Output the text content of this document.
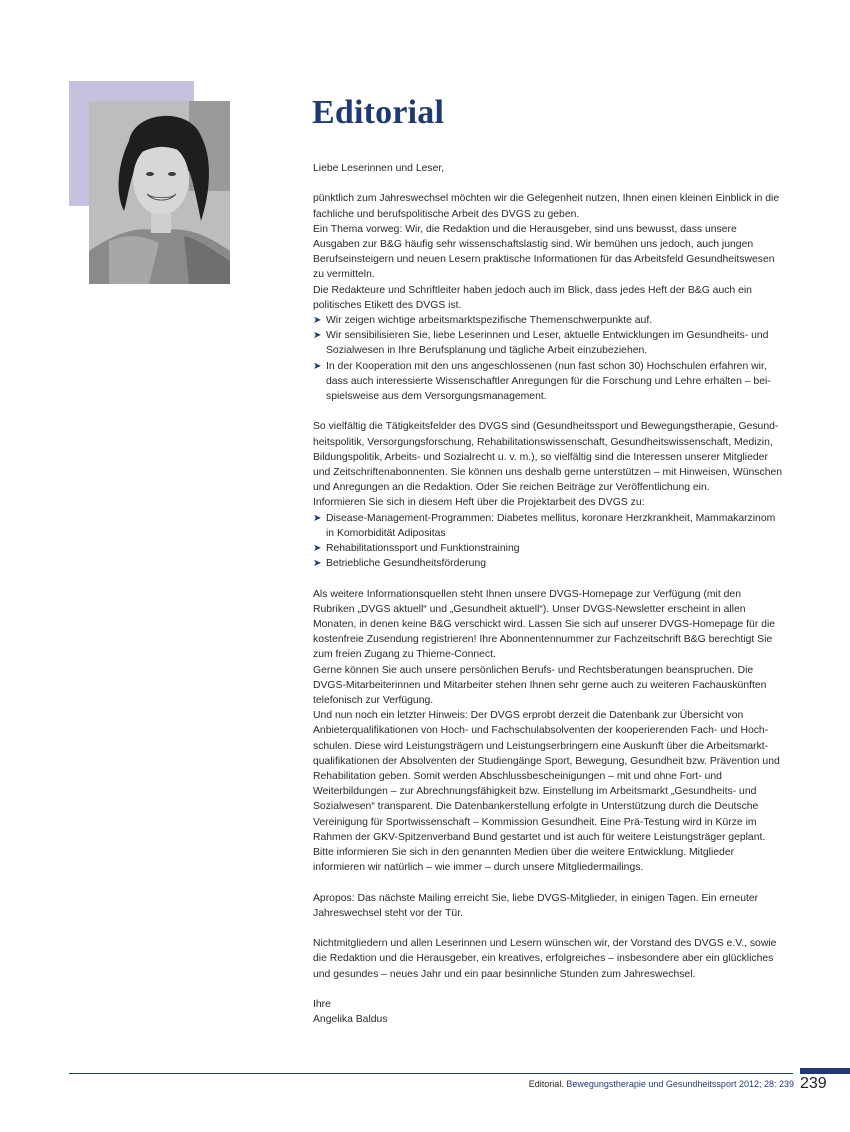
Editorial

Liebe Leserinnen und Leser,

pünktlich zum Jahreswechsel möchten wir die Gelegenheit nutzen, Ihnen einen kleinen Einblick in die fachliche und berufspolitische Arbeit des DVGS zu geben.

Ein Thema vorweg: Wir, die Redaktion und die Herausgeber, sind uns bewusst, dass unsere Ausgaben zur B&G häufig sehr wissenschaftslastig sind. Wir bemühen uns jedoch, auch jungen Berufseinsteigern und neuen Lesern praktische Informationen für das Arbeitsfeld Gesundheitswesen zu vermitteln.

Die Redakteure und Schriftleiter haben jedoch auch im Blick, dass jedes Heft der B&G auch ein politisches Etikett des DVGS ist.

➤ Wir zeigen wichtige arbeitsmarktspezifische Themenschwerpunkte auf.

➤ Wir sensibilisieren Sie, liebe Leserinnen und Leser, aktuelle Entwicklungen im Gesundheits- und Sozialwesen in Ihre Berufsplanung und tägliche Arbeit einzubeziehen.

➤ In der Kooperation mit den uns angeschlossenen (nun fast schon 30) Hochschulen erfahren wir, dass auch interessierte Wissenschaftler Anregungen für die Forschung und Lehre erhalten – beispielsweise aus dem Versorgungsmanagement.

So vielfältig die Tätigkeitsfelder des DVGS sind (Gesundheitssport und Bewegungstherapie, Gesundheitspolitik, Versorgungsforschung, Rehabilitationswissenschaft, Gesundheitswissenschaft, Medizin, Bildungspolitik, Arbeits- und Sozialrecht u. v. m.), so vielfältig sind die Interessen unserer Mitglieder und Zeitschriftenabonnenten. Sie können uns deshalb gerne unterstützen – mit Hinweisen, Wünschen und Anregungen an die Redaktion. Oder Sie reichen Beiträge zur Veröffentlichung ein.

Informieren Sie sich in diesem Heft über die Projektarbeit des DVGS zu:

➤ Disease-Management-Programmen: Diabetes mellitus, koronare Herzkrankheit, Mammakarzinom in Komorbidität Adipositas

➤ Rehabilitationssport und Funktionstraining

➤ Betriebliche Gesundheitsförderung

Als weitere Informationsquellen steht Ihnen unsere DVGS-Homepage zur Verfügung (mit den Rubriken „DVGS aktuell“ und „Gesundheit aktuell“). Unser DVGS-Newsletter erscheint in allen Monaten, in denen keine B&G verschickt wird. Lassen Sie sich auf unserer DVGS-Homepage für die kostenfreie Zusendung registrieren! Ihre Abonnentennummer zur Fachzeitschrift B&G berechtigt Sie zum freien Zugang zu Thieme-Connect.

Gerne können Sie auch unsere persönlichen Berufs- und Rechtsberatungen beanspruchen. Die DVGS-Mitarbeiterinnen und Mitarbeiter stehen Ihnen sehr gerne auch zu weiteren Fachauskünften telefonisch zur Verfügung.

Und nun noch ein letzter Hinweis: Der DVGS erprobt derzeit die Datenbank zur Übersicht von Anbieterqualifikationen von Hoch- und Fachschulabsolventen der kooperierenden Fach- und Hochschulen. Diese wird Leistungsträgern und Leistungserbringern eine Auskunft über die Arbeitsmarktqualifikationen der Absolventen der Studiengänge Sport, Bewegung, Gesundheit bzw. Prävention und Rehabilitation geben. Somit werden Abschlussbescheinigungen – mit und ohne Fort- und Weiterbildungen – zur Abrechnungsfähigkeit bzw. Einstellung im Arbeitsmarkt „Gesundheits- und Sozialwesen“ transparent. Die Datenbankerstellung erfolgte in Unterstützung durch die Deutsche Vereinigung für Sportwissenschaft – Kommission Gesundheit. Eine Prä-Testung wird in Kürze im Rahmen der GKV-Spitzenverband Bund gestartet und ist auch für weitere Leistungsträger geplant. Bitte informieren Sie sich in den genannten Medien über die weitere Entwicklung. Mitglieder informieren wir natürlich – wie immer – durch unsere Mitgliedermailings.

Apropos: Das nächste Mailing erreicht Sie, liebe DVGS-Mitglieder, in einigen Tagen. Ein erneuter Jahreswechsel steht vor der Tür.

Nichtmitgliedern und allen Leserinnen und Lesern wünschen wir, der Vorstand des DVGS e.V., sowie die Redaktion und die Herausgeber, ein kreatives, erfolgreiches – insbesondere aber ein glückliches und gesundes – neues Jahr und ein paar besinnliche Stunden zum Jahreswechsel.

Ihre

Angelika Baldus

Editorial. Bewegungstherapie und Gesundheitssport 2012; 28: 239 239
